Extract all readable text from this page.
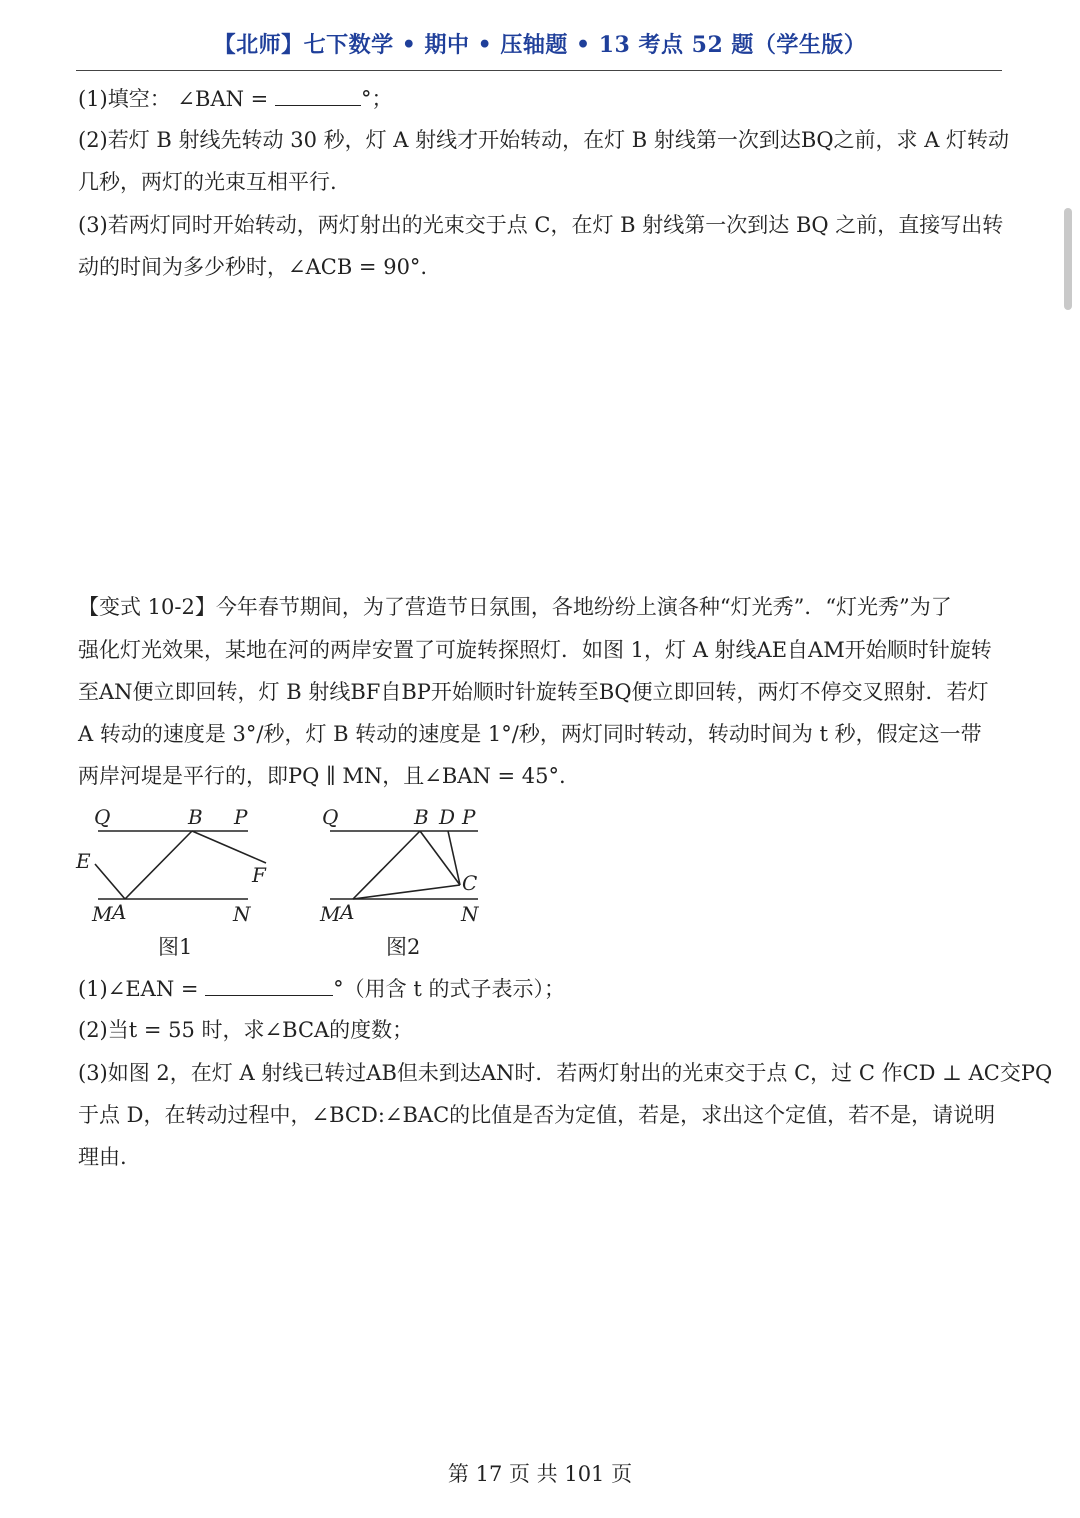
【北师】七下数学 • 期中 • 压轴题 • 13 考点 52 题（学生版）
(1)填空： ∠BAN =	°；
(2)若灯 B 射线先转动 30 秒，灯 A 射线才开始转动，在灯 B 射线第一次到达BQ之前，求 A 灯转动
几秒，两灯的光束互相平行.
(3)若两灯同时开始转动，两灯射出的光束交于点 C，在灯 B 射线第一次到达 BQ 之前，直接写出转
动的时间为多少秒时，∠ACB = 90°.
【变式 10-2】今年春节期间，为了营造节日氛围，各地纷纷上演各种“灯光秀”．“灯光秀”为了
强化灯光效果，某地在河的两岸安置了可旋转探照灯．如图 1，灯 A 射线AE自AM开始顺时针旋转
至AN便立即回转，灯 B 射线BF自BP开始顺时针旋转至BQ便立即回转，两灯不停交叉照射．若灯
A 转动的速度是 3°/秒，灯 B 转动的速度是 1°/秒，两灯同时转动，转动时间为 t 秒，假定这一带
两岸河堤是平行的，即PQ ∥ MN，且∠BAN = 45°.
Q	B P
E
F
M A	N
图1
Q	B D P
C
M A	N
图2
(1)∠EAN =	°（用含 t 的式子表示）；
(2)当t = 55 时，求∠BCA的度数；
(3)如图 2，在灯 A 射线已转过AB但未到达AN时．若两灯射出的光束交于点 C，过 C 作CD ⊥ AC交PQ
于点 D，在转动过程中，∠BCD:∠BAC的比值是否为定值，若是，求出这个定值，若不是，请说明
理由.
第 17 页 共 101 页
